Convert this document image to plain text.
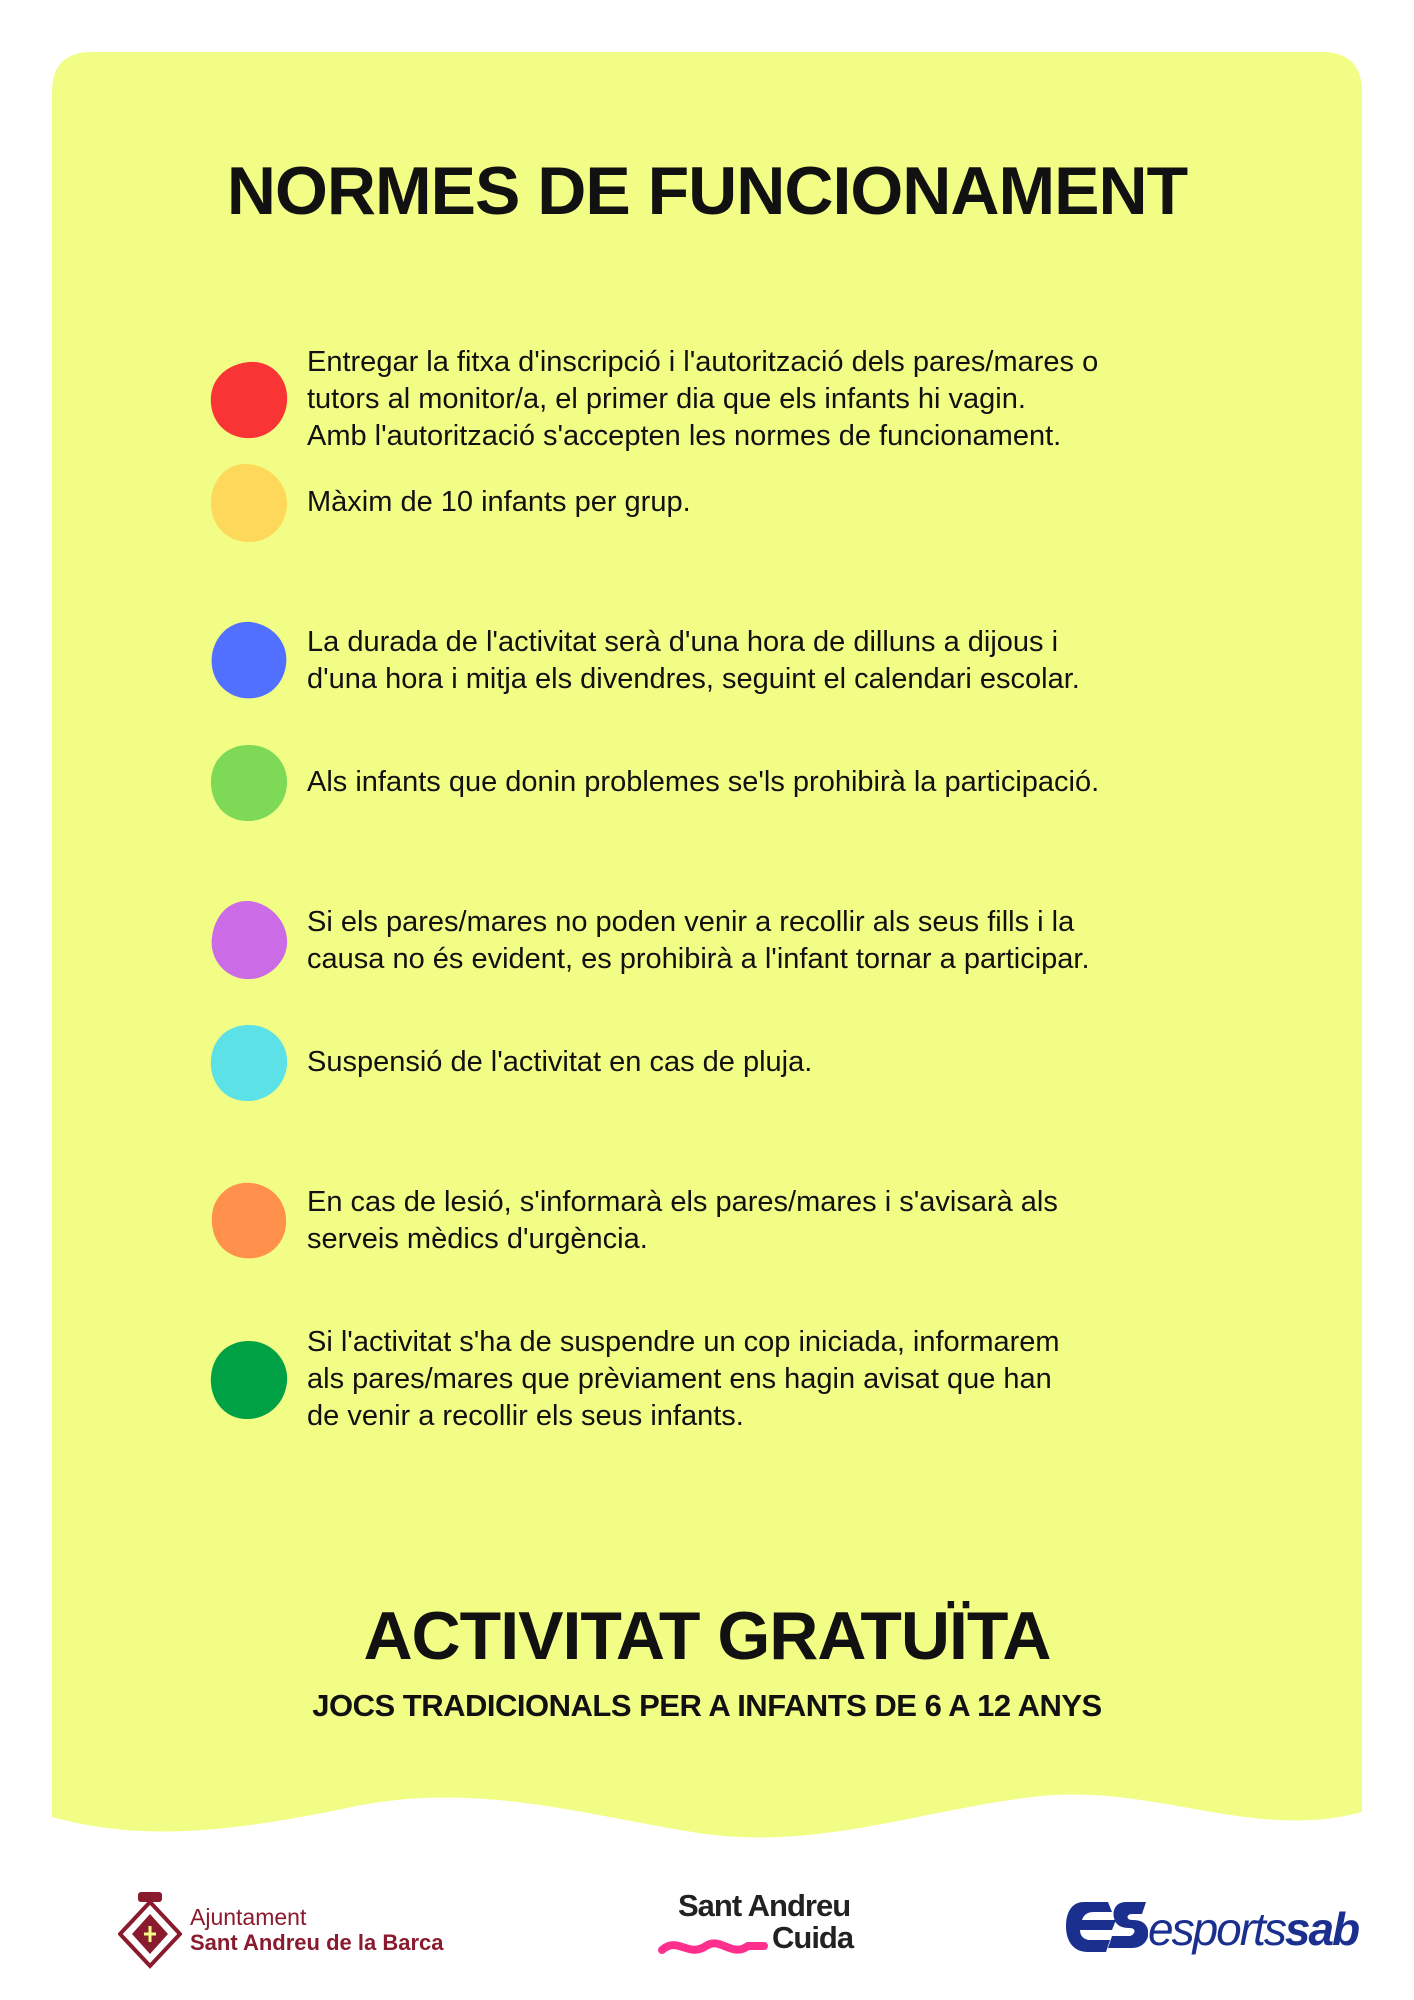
NORMES DE FUNCIONAMENT
Entregar la fitxa d'inscripció i l'autorització dels pares/mares o
tutors al monitor/a, el primer dia que els infants hi vagin.
Amb l'autorització s'accepten les normes de funcionament.
Màxim de 10 infants per grup.
La durada de l'activitat serà d'una hora de dilluns a dijous i
d'una hora i mitja els divendres, seguint el calendari escolar.
Als infants que donin problemes se'ls prohibirà la participació.
Si els pares/mares no poden venir a recollir als seus fills i la
causa no és evident, es prohibirà a l'infant tornar a participar.
Suspensió de l'activitat en cas de pluja.
En cas de lesió, s'informarà els pares/mares i s'avisarà als
serveis mèdics d'urgència.
Si l'activitat s'ha de suspendre un cop iniciada, informarem
als pares/mares que prèviament ens hagin avisat que han
de venir a recollir els seus infants.
ACTIVITAT GRATUÏTA
JOCS TRADICIONALS PER A INFANTS DE 6 A 12 ANYS
Ajuntament
Sant Andreu de la Barca
Sant Andreu
Cuida	esportssab
